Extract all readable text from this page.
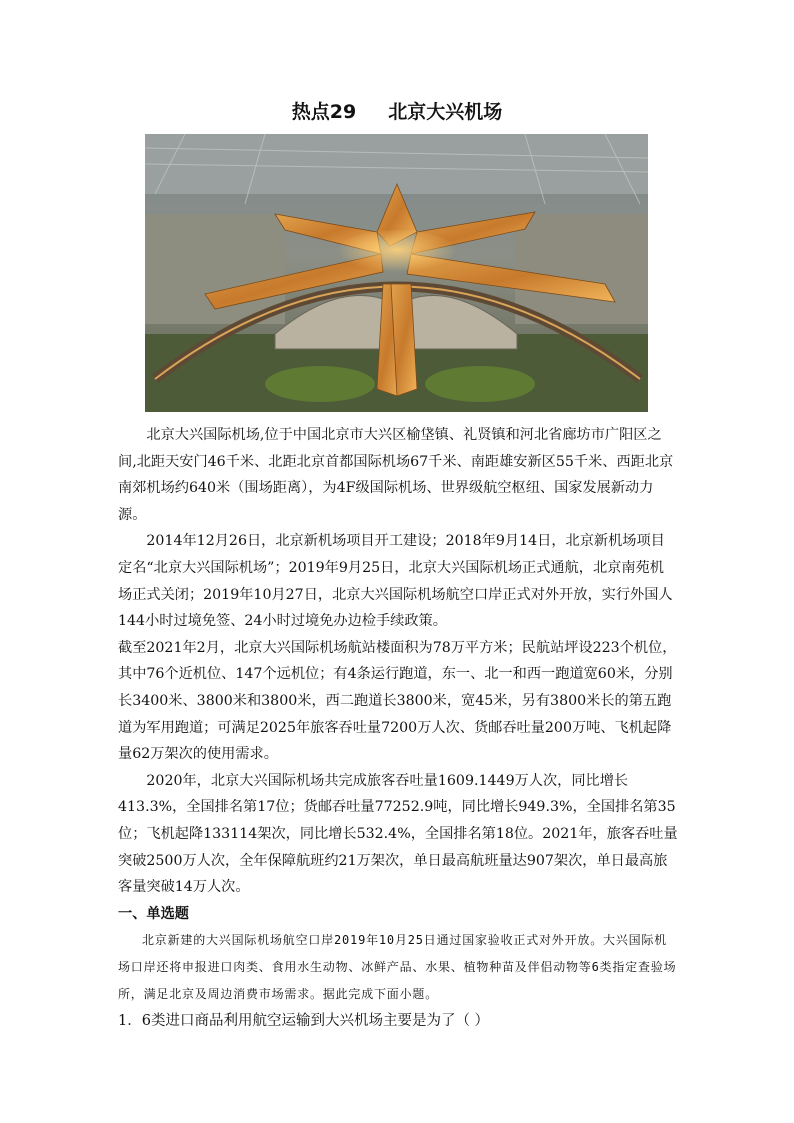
热点29 北京大兴机场

北京大兴国际机场,位于中国北京市大兴区榆垡镇、礼贤镇和河北省廊坊市广阳区之间,北距天安门46千米、北距北京首都国际机场67千米、南距雄安新区55千米、西距北京南郊机场约640米（围场距离），为4F级国际机场、世界级航空枢纽、国家发展新动力源。

2014年12月26日，北京新机场项目开工建设；2018年9月14日，北京新机场项目定名“北京大兴国际机场”；2019年9月25日，北京大兴国际机场正式通航，北京南苑机场正式关闭；2019年10月27日，北京大兴国际机场航空口岸正式对外开放，实行外国人144小时过境免签、24小时过境免办边检手续政策。

截至2021年2月，北京大兴国际机场航站楼面积为78万平方米；民航站坪设223个机位，其中76个近机位、147个远机位；有4条运行跑道，东一、北一和西一跑道宽60米，分别长3400米、3800米和3800米，西二跑道长3800米，宽45米，另有3800米长的第五跑道为军用跑道；可满足2025年旅客吞吐量7200万人次、货邮吞吐量200万吨、飞机起降量62万架次的使用需求。

2020年，北京大兴国际机场共完成旅客吞吐量1609.1449万人次，同比增长413.3%，全国排名第17位；货邮吞吐量77252.9吨，同比增长949.3%，全国排名第35位；飞机起降133114架次，同比增长532.4%，全国排名第18位。2021年，旅客吞吐量突破2500万人次，全年保障航班约21万架次，单日最高航班量达907架次，单日最高旅客量突破14万人次。

一、单选题

北京新建的大兴国际机场航空口岸2019年10月25日通过国家验收正式对外开放。大兴国际机场口岸还将申报进口肉类、食用水生动物、冰鲜产品、水果、植物种苗及伴侣动物等6类指定查验场所，满足北京及周边消费市场需求。据此完成下面小题。

1．6类进口商品利用航空运输到大兴机场主要是为了（ ）
